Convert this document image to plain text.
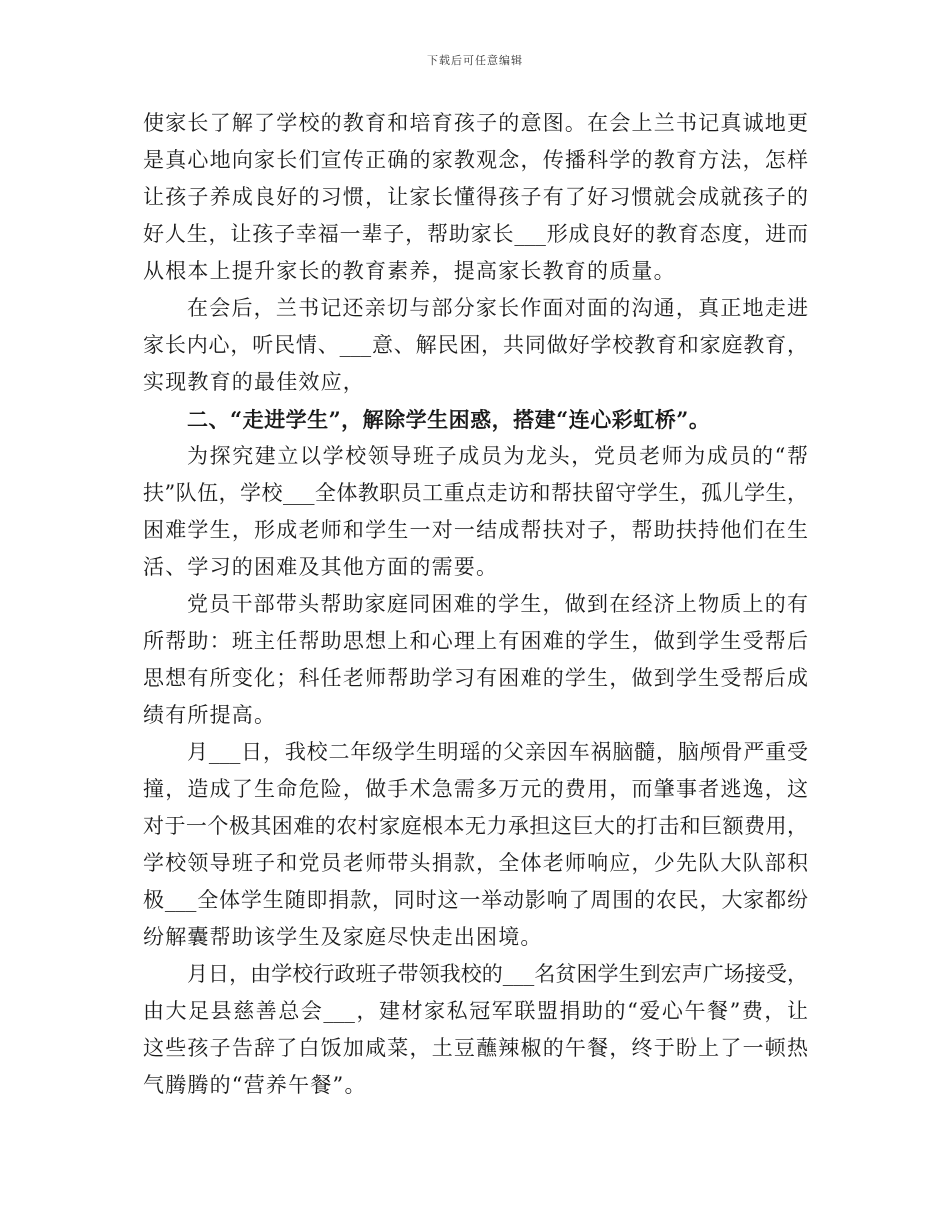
下载后可任意编辑
使家长了解了学校的教育和培育孩子的意图。在会上兰书记真诚地更
是真心地向家长们宣传正确的家教观念，传播科学的教育方法，怎样
让孩子养成良好的习惯，让家长懂得孩子有了好习惯就会成就孩子的
好人生，让孩子幸福一辈子，帮助家长___形成良好的教育态度，进而
从根本上提升家长的教育素养，提高家长教育的质量。
在会后，兰书记还亲切与部分家长作面对面的沟通，真正地走进
家长内心，听民情、___意、解民困，共同做好学校教育和家庭教育，
实现教育的最佳效应，
二、“走进学生”，解除学生困惑，搭建“连心彩虹桥”。
为探究建立以学校领导班子成员为龙头，党员老师为成员的“帮
扶”队伍，学校___全体教职员工重点走访和帮扶留守学生，孤儿学生，
困难学生，形成老师和学生一对一结成帮扶对子，帮助扶持他们在生
活、学习的困难及其他方面的需要。
党员干部带头帮助家庭同困难的学生，做到在经济上物质上的有
所帮助：班主任帮助思想上和心理上有困难的学生，做到学生受帮后
思想有所变化；科任老师帮助学习有困难的学生，做到学生受帮后成
绩有所提高。
月___日，我校二年级学生明瑶的父亲因车祸脑髓，脑颅骨严重受
撞，造成了生命危险，做手术急需多万元的费用，而肇事者逃逸，这
对于一个极其困难的农村家庭根本无力承担这巨大的打击和巨额费用，
学校领导班子和党员老师带头捐款，全体老师响应，少先队大队部积
极___全体学生随即捐款，同时这一举动影响了周围的农民，大家都纷
纷解囊帮助该学生及家庭尽快走出困境。
月日，由学校行政班子带领我校的___名贫困学生到宏声广场接受，
由大足县慈善总会___，建材家私冠军联盟捐助的“爱心午餐”费，让
这些孩子告辞了白饭加咸菜，土豆蘸辣椒的午餐，终于盼上了一顿热
气腾腾的“营养午餐”。
